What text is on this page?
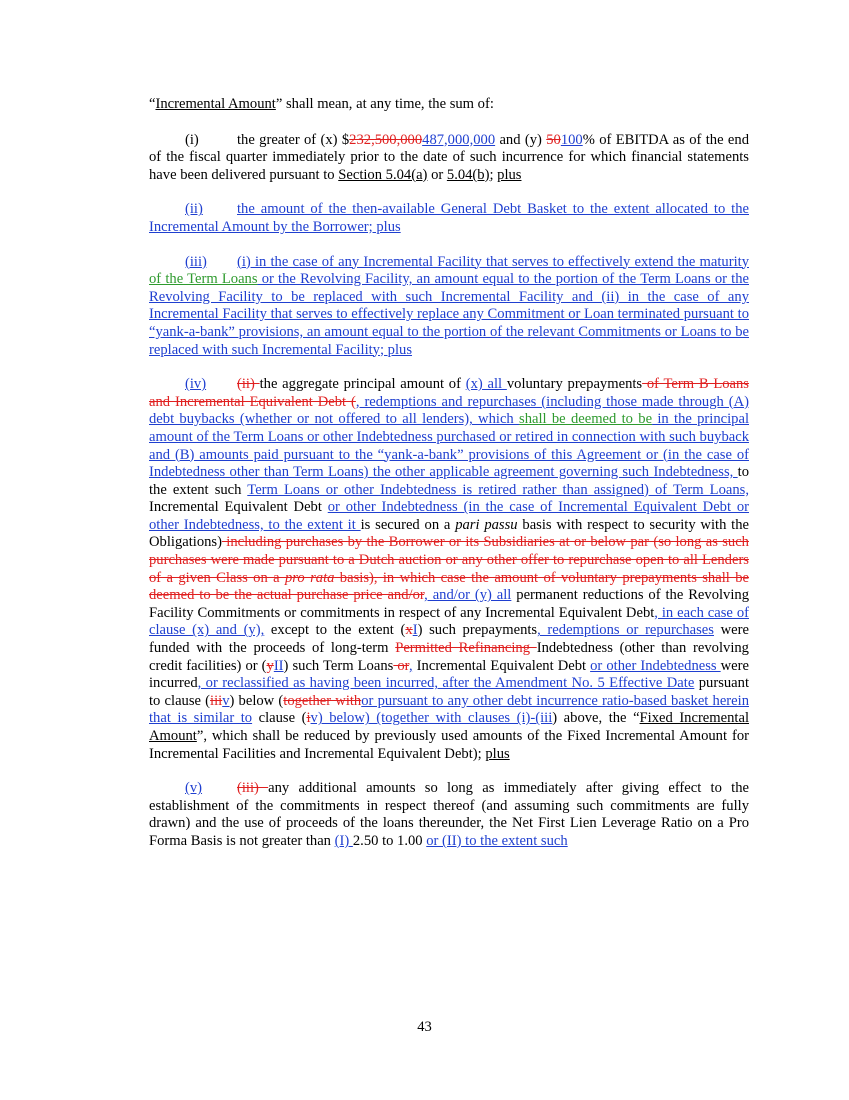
“Incremental Amount” shall mean, at any time, the sum of:

(i)	the greater of (x) $232,500,000487,000,000 and (y) 50100% of EBITDA as of the end of the fiscal quarter immediately prior to the date of such incurrence for which financial statements have been delivered pursuant to Section 5.04(a) or 5.04(b); plus

(ii) the amount of the then-available General Debt Basket to the extent allocated to the Incremental Amount by the Borrower; plus

(iii) (i) in the case of any Incremental Facility that serves to effectively extend the maturity of the Term Loans or the Revolving Facility, an amount equal to the portion of the Term Loans or the Revolving Facility to be replaced with such Incremental Facility and (ii) in the case of any Incremental Facility that serves to effectively replace any Commitment or Loan terminated pursuant to “yank-a-bank” provisions, an amount equal to the portion of the relevant Commitments or Loans to be replaced with such Incremental Facility; plus

(iv) (ii) the aggregate principal amount of (x) all voluntary prepayments of Term B Loans and Incremental Equivalent Debt (, redemptions and repurchases (including those made through (A) debt buybacks (whether or not offered to all lenders), which shall be deemed to be in the principal amount of the Term Loans or other Indebtedness purchased or retired in connection with such buyback and (B) amounts paid pursuant to the “yank-a-bank” provisions of this Agreement or (in the case of Indebtedness other than Term Loans) the other applicable agreement governing such Indebtedness, to the extent such Term Loans or other Indebtedness is retired rather than assigned) of Term Loans, Incremental Equivalent Debt or other Indebtedness (in the case of Incremental Equivalent Debt or other Indebtedness, to the extent it is secured on a pari passu basis with respect to security with the Obligations) including purchases by the Borrower or its Subsidiaries at or below par (so long as such purchases were made pursuant to a Dutch auction or any other offer to repurchase open to all Lenders of a given Class on a pro rata basis), in which case the amount of voluntary prepayments shall be deemed to be the actual purchase price and/or, and/or (y) all permanent reductions of the Revolving Facility Commitments or commitments in respect of any Incremental Equivalent Debt, in each case of clause (x) and (y), except to the extent (xI) such prepayments, redemptions or repurchases were funded with the proceeds of long-term Permitted Refinancing Indebtedness (other than revolving credit facilities) or (yII) such Term Loans or, Incremental Equivalent Debt or other Indebtedness were incurred, or reclassified as having been incurred, after the Amendment No. 5 Effective Date pursuant to clause (iiiv) below (together withor pursuant to any other debt incurrence ratio-based basket herein that is similar to clause (iv) below) (together with clauses (i)-(iii) above, the “Fixed Incremental Amount”, which shall be reduced by previously used amounts of the Fixed Incremental Amount for Incremental Facilities and Incremental Equivalent Debt); plus

(v) (iii) any additional amounts so long as immediately after giving effect to the establishment of the commitments in respect thereof (and assuming such commitments are fully drawn) and the use of proceeds of the loans thereunder, the Net First Lien Leverage Ratio on a Pro Forma Basis is not greater than (I) 2.50 to 1.00 or (II) to the extent such

43
